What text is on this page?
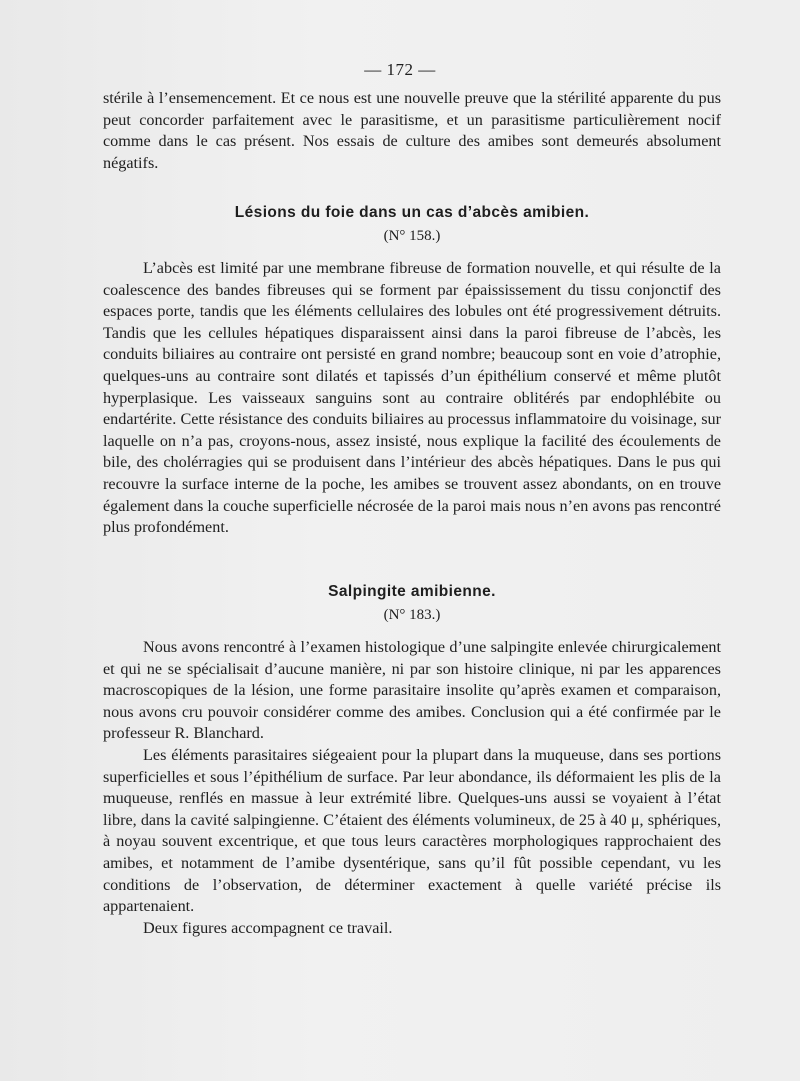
— 172 —

stérile à l’ensemencement. Et ce nous est une nouvelle preuve que la stérilité apparente du pus peut concorder parfaitement avec le parasitisme, et un parasitisme particulièrement nocif comme dans le cas présent. Nos essais de culture des amibes sont demeurés absolument négatifs.

Lésions du foie dans un cas d’abcès amibien.
(N° 158.)

L’abcès est limité par une membrane fibreuse de formation nouvelle, et qui résulte de la coalescence des bandes fibreuses qui se forment par épaississement du tissu conjonctif des espaces porte, tandis que les éléments cellulaires des lobules ont été progressivement détruits. Tandis que les cellules hépatiques disparaissent ainsi dans la paroi fibreuse de l’abcès, les conduits biliaires au contraire ont persisté en grand nombre; beaucoup sont en voie d’atrophie, quelques-uns au contraire sont dilatés et tapissés d’un épithélium conservé et même plutôt hyperplasique. Les vaisseaux sanguins sont au contraire oblitérés par endophlébite ou endartérite. Cette résistance des conduits biliaires au processus inflammatoire du voisinage, sur laquelle on n’a pas, croyons-nous, assez insisté, nous explique la facilité des écoulements de bile, des cholérragies qui se produisent dans l’intérieur des abcès hépatiques. Dans le pus qui recouvre la surface interne de la poche, les amibes se trouvent assez abondants, on en trouve également dans la couche superficielle nécrosée de la paroi mais nous n’en avons pas rencontré plus profondément.

Salpingite amibienne.
(N° 183.)

Nous avons rencontré à l’examen histologique d’une salpingite enlevée chirurgicalement et qui ne se spécialisait d’aucune manière, ni par son histoire clinique, ni par les apparences macroscopiques de la lésion, une forme parasitaire insolite qu’après examen et comparaison, nous avons cru pouvoir considérer comme des amibes. Conclusion qui a été confirmée par le professeur R. Blanchard.

Les éléments parasitaires siégeaient pour la plupart dans la muqueuse, dans ses portions superficielles et sous l’épithélium de surface. Par leur abondance, ils déformaient les plis de la muqueuse, renflés en massue à leur extrémité libre. Quelques-uns aussi se voyaient à l’état libre, dans la cavité salpingienne. C’étaient des éléments volumineux, de 25 à 40 μ, sphériques, à noyau souvent excentrique, et que tous leurs caractères morphologiques rapprochaient des amibes, et notamment de l’amibe dysentérique, sans qu’il fût possible cependant, vu les conditions de l’observation, de déterminer exactement à quelle variété précise ils appartenaient.

Deux figures accompagnent ce travail.
